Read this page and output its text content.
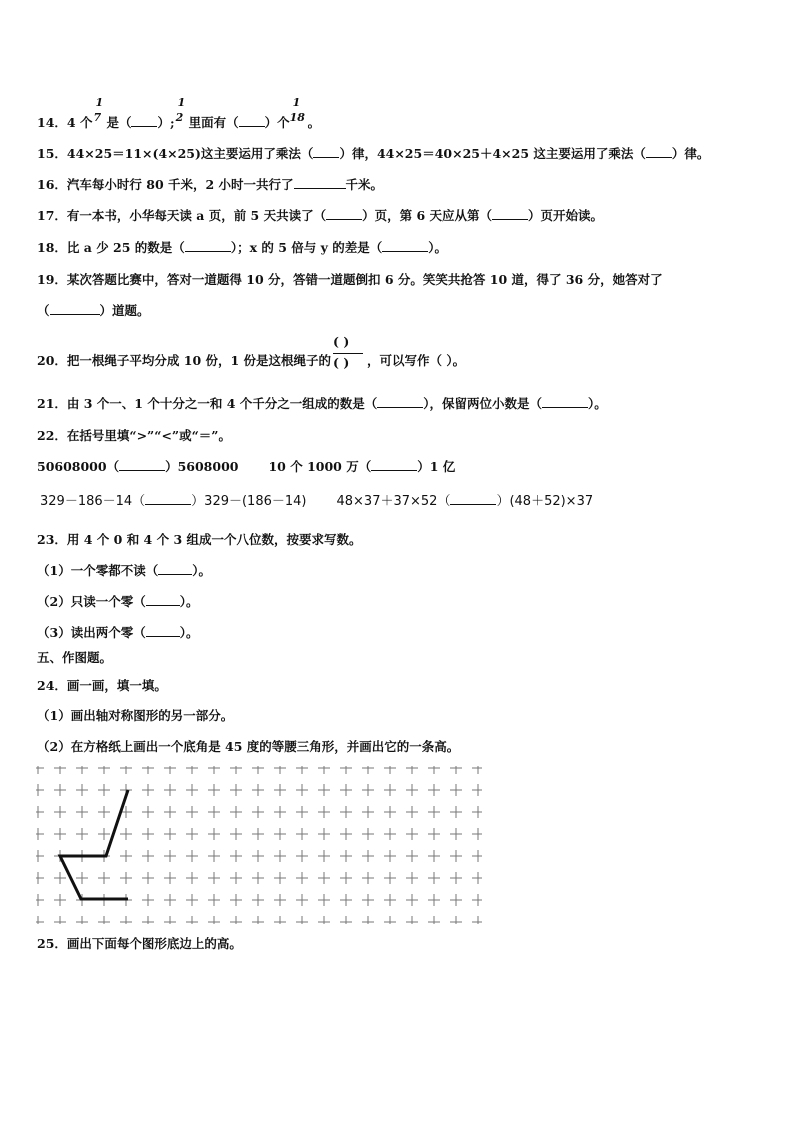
14．4 个
1
7 是（ ）;
1
2 里面有（ ）个
1
18 。
15．44×25＝11×(4×25)这主要运用了乘法（ ）律，44×25＝40×25＋4×25 这主要运用了乘法（ ）律。
16．汽车每小时行 80 千米，2 小时一共行了	千米。
17．有一本书，小华每天读 a 页，前 5 天共读了（	）页，第 6 天应从第（	）页开始读。
18．比 a 少 25 的数是（	）；x 的 5 倍与 y 的差是（	）。
19．某次答题比赛中，答对一道题得 10 分，答错一道题倒扣 6 分。笑笑共抢答 10 道，得了 36 分，她答对了
（	）道题。
20．把一根绳子平均分成 10 份，1 份是这根绳子的
( )
( ) ，可以写作（ ）。
21．由 3 个一、1 个十分之一和 4 个千分之一组成的数是（	），保留两位小数是（	）。
22．在括号里填“>”“<”或“＝”。
50608000（	）5608000 10 个 1000 万（	）1 亿
329－186－14（	）329－(186－14) 48×37＋37×52（	）(48＋52)×37
23．用 4 个 0 和 4 个 3 组成一个八位数，按要求写数。
（1）一个零都不读（	）。
（2）只读一个零（	）。
（3）读出两个零（	）。
五、作图题。
24．画一画，填一填。
（1）画出轴对称图形的另一部分。
（2）在方格纸上画出一个底角是 45 度的等腰三角形，并画出它的一条高。
25．画出下面每个图形底边上的高。
